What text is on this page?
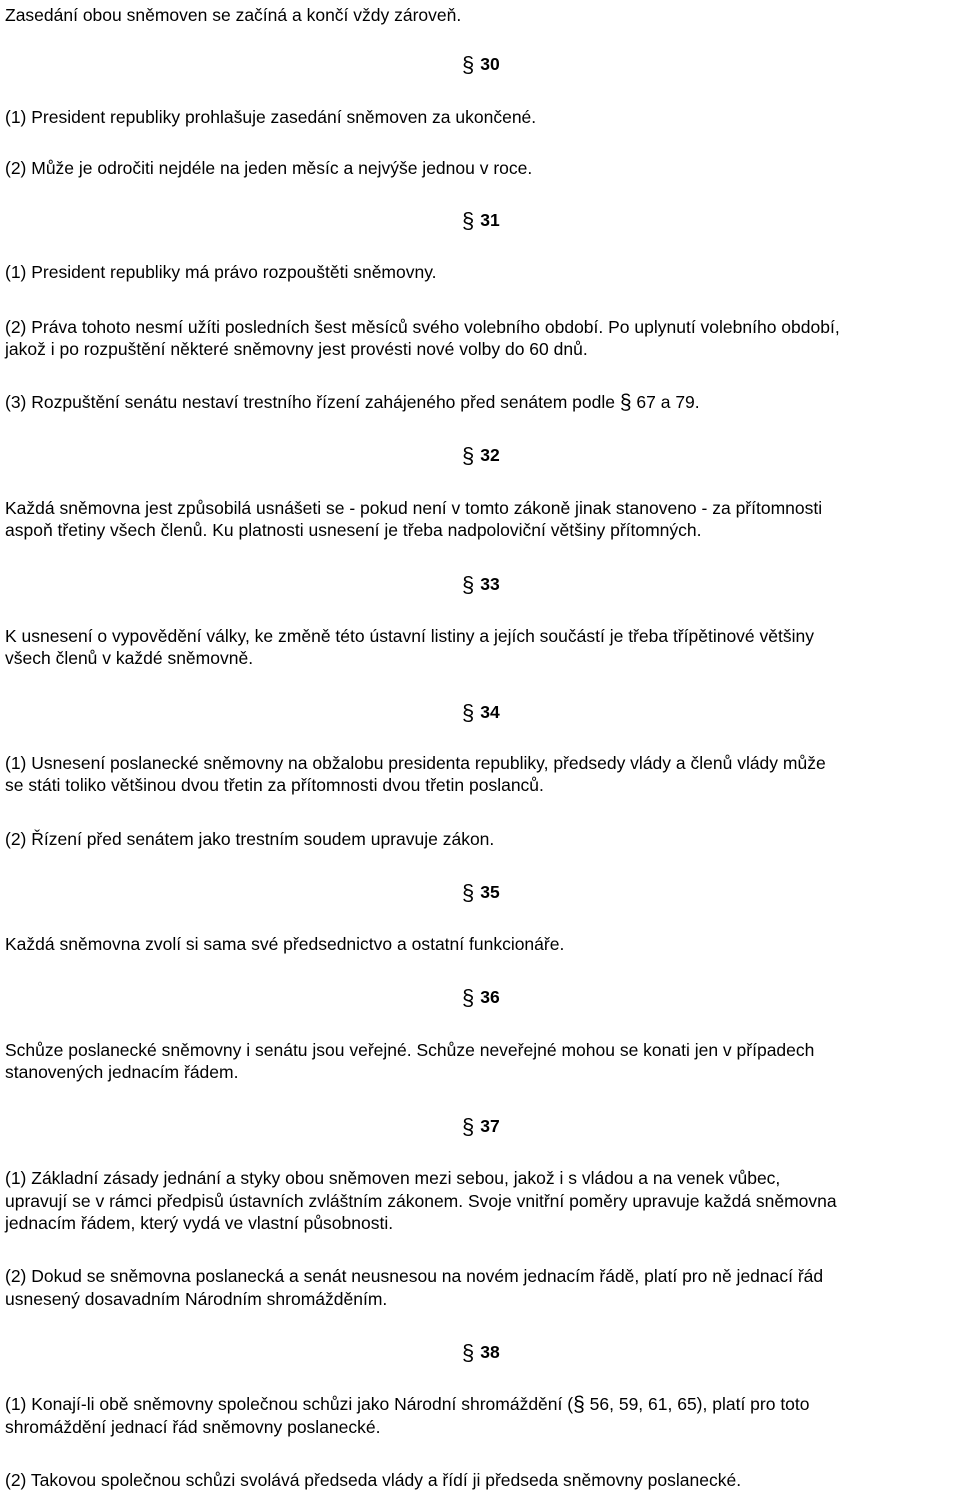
Zasedání obou sněmoven se začíná a končí vždy zároveň.
§ 30
(1) President republiky prohlašuje zasedání sněmoven za ukončené.
(2) Může je odročiti nejdéle na jeden měsíc a nejvýše jednou v roce.
§ 31
(1) President republiky má právo rozpouštěti sněmovny.
(2) Práva tohoto nesmí užíti posledních šest měsíců svého volebního období. Po uplynutí volebního období,
jakož i po rozpuštění některé sněmovny jest provésti nové volby do 60 dnů.
(3) Rozpuštění senátu nestaví trestního řízení zahájeného před senátem podle § 67 a 79.
§ 32
Každá sněmovna jest způsobilá usnášeti se - pokud není v tomto zákoně jinak stanoveno - za přítomnosti
aspoň třetiny všech členů. Ku platnosti usnesení je třeba nadpoloviční většiny přítomných.
§ 33
K usnesení o vypovědění války, ke změně této ústavní listiny a jejích součástí je třeba třípětinové většiny
všech členů v každé sněmovně.
§ 34
(1) Usnesení poslanecké sněmovny na obžalobu presidenta republiky, předsedy vlády a členů vlády může
se státi toliko většinou dvou třetin za přítomnosti dvou třetin poslanců.
(2) Řízení před senátem jako trestním soudem upravuje zákon.
§ 35
Každá sněmovna zvolí si sama své předsednictvo a ostatní funkcionáře.
§ 36
Schůze poslanecké sněmovny i senátu jsou veřejné. Schůze neveřejné mohou se konati jen v případech
stanovených jednacím řádem.
§ 37
(1) Základní zásady jednání a styky obou sněmoven mezi sebou, jakož i s vládou a na venek vůbec,
upravují se v rámci předpisů ústavních zvláštním zákonem. Svoje vnitřní poměry upravuje každá sněmovna
jednacím řádem, který vydá ve vlastní působnosti.
(2) Dokud se sněmovna poslanecká a senát neusnesou na novém jednacím řádě, platí pro ně jednací řád
usnesený dosavadním Národním shromážděním.
§ 38
(1) Konají-li obě sněmovny společnou schůzi jako Národní shromáždění (§ 56, 59, 61, 65), platí pro toto
shromáždění jednací řád sněmovny poslanecké.
(2) Takovou společnou schůzi svolává předseda vlády a řídí ji předseda sněmovny poslanecké.
